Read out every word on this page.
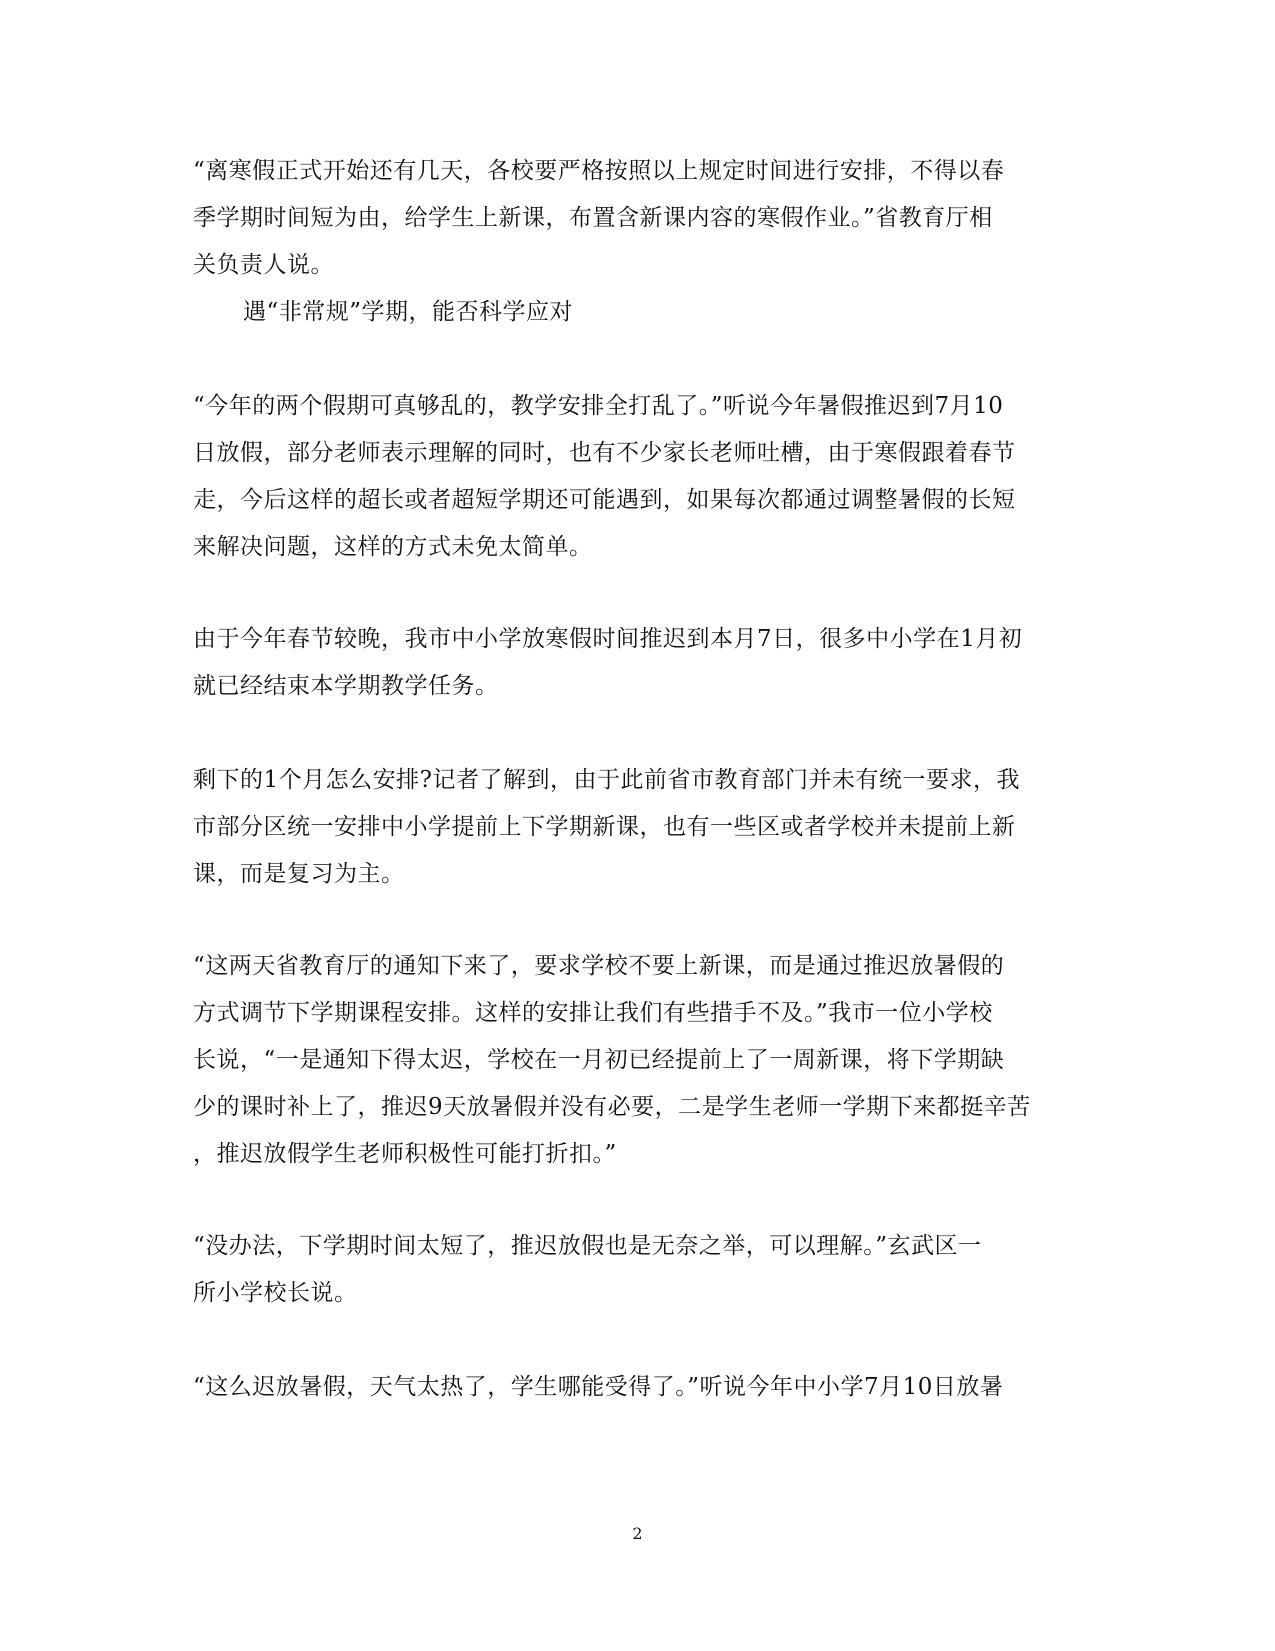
“离寒假正式开始还有几天，各校要严格按照以上规定时间进行安排，不得以春
季学期时间短为由，给学生上新课，布置含新课内容的寒假作业。”省教育厅相
关负责人说。
遇“非常规”学期，能否科学应对
“今年的两个假期可真够乱的，教学安排全打乱了。”听说今年暑假推迟到7月10
日放假，部分老师表示理解的同时，也有不少家长老师吐槽，由于寒假跟着春节
走，今后这样的超长或者超短学期还可能遇到，如果每次都通过调整暑假的长短
来解决问题，这样的方式未免太简单。
由于今年春节较晚，我市中小学放寒假时间推迟到本月7日，很多中小学在1月初
就已经结束本学期教学任务。
剩下的1个月怎么安排?记者了解到，由于此前省市教育部门并未有统一要求，我
市部分区统一安排中小学提前上下学期新课，也有一些区或者学校并未提前上新
课，而是复习为主。
“这两天省教育厅的通知下来了，要求学校不要上新课，而是通过推迟放暑假的
方式调节下学期课程安排。这样的安排让我们有些措手不及。”我市一位小学校
长说，“一是通知下得太迟，学校在一月初已经提前上了一周新课，将下学期缺
少的课时补上了，推迟9天放暑假并没有必要，二是学生老师一学期下来都挺辛苦
，推迟放假学生老师积极性可能打折扣。”
“没办法，下学期时间太短了，推迟放假也是无奈之举，可以理解。”玄武区一
所小学校长说。
“这么迟放暑假，天气太热了，学生哪能受得了。”听说今年中小学7月10日放暑
2
